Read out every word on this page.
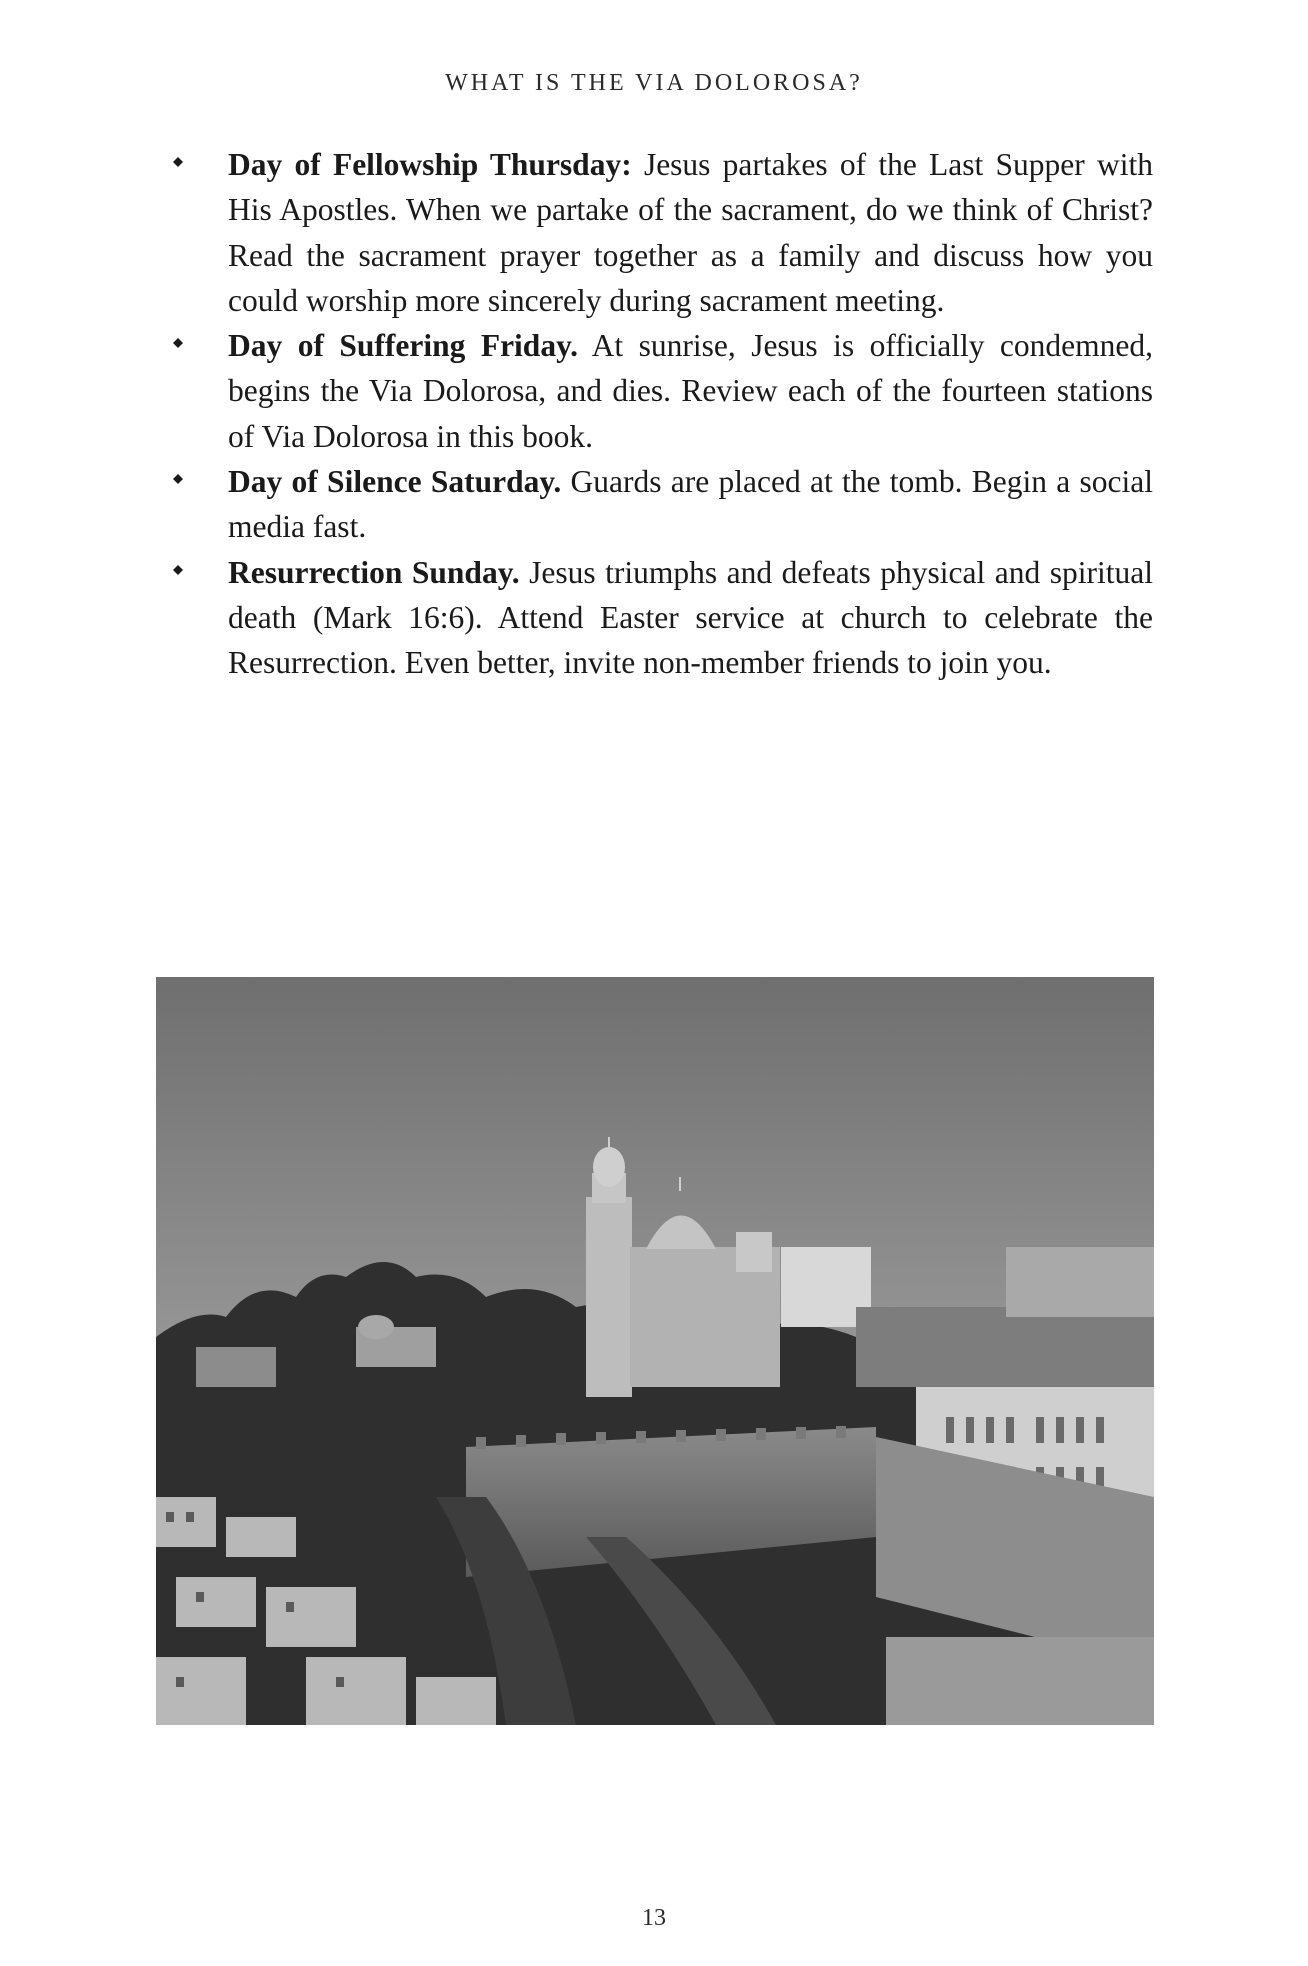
WHAT IS THE VIA DOLOROSA?
Day of Fellowship Thursday: Jesus partakes of the Last Supper with His Apostles. When we partake of the sacrament, do we think of Christ? Read the sacrament prayer together as a family and discuss how you could worship more sincerely during sacrament meeting.
Day of Suffering Friday. At sunrise, Jesus is officially condemned, begins the Via Dolorosa, and dies. Review each of the fourteen stations of Via Dolorosa in this book.
Day of Silence Saturday. Guards are placed at the tomb. Begin a social media fast.
Resurrection Sunday. Jesus triumphs and defeats physical and spiritual death (Mark 16:6). Attend Easter service at church to celebrate the Resurrection. Even better, invite non-member friends to join you.
13
